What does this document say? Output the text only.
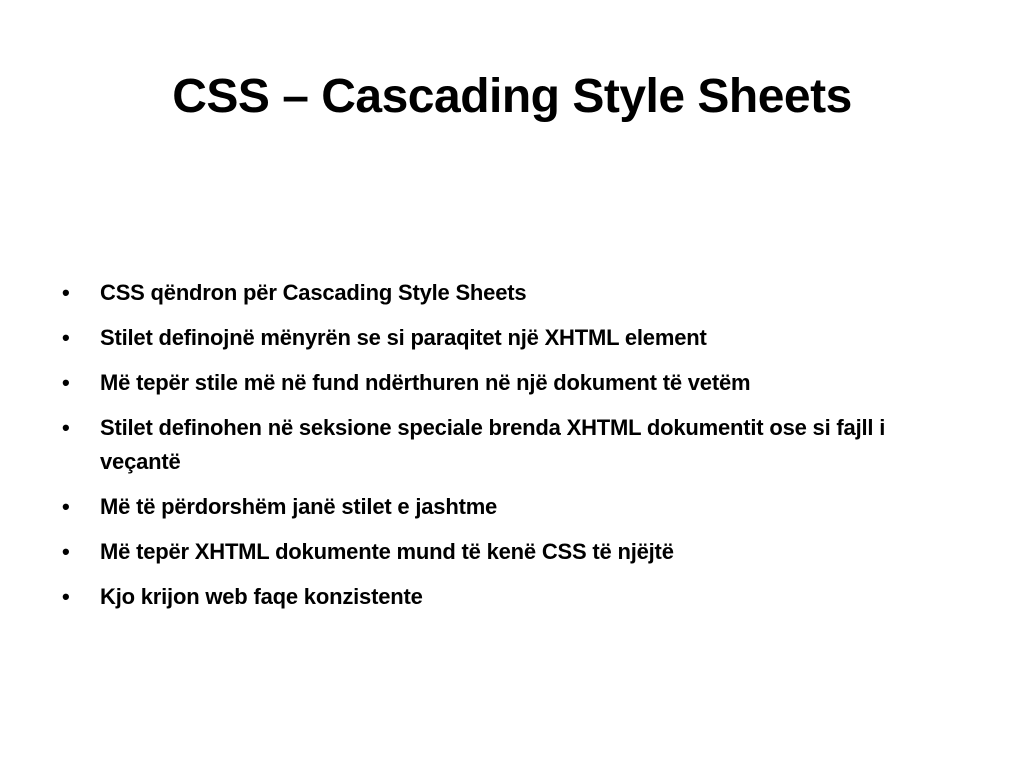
CSS – Cascading Style Sheets
• CSS qëndron për Cascading Style Sheets
• Stilet definojnë mënyrën se si paraqitet një XHTML element
• Më tepër stile më në fund ndërthuren në një dokument të vetëm
• Stilet definohen në seksione speciale brenda XHTML dokumentit ose si fajll i veçantë
• Më të përdorshëm janë stilet e jashtme
• Më tepër XHTML dokumente mund të kenë CSS të njëjtë
• Kjo krijon web faqe konzistente
